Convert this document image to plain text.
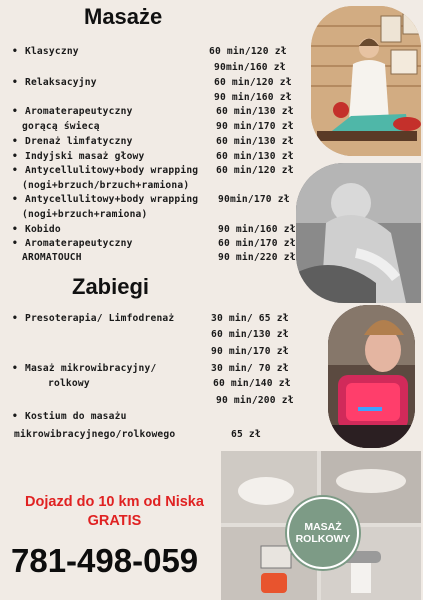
Masaże
Zabiegi
• Klasyczny	60 min/120 zł
90min/160 zł
• Relaksacyjny	60 min/120 zł
90 min/160 zł
• Aromaterapeutyczny	60 min/130 zł
gorącą świecą	90 min/170 zł
• Drenaż limfatyczny	60 min/130 zł
• Indyjski masaż głowy	60 min/130 zł
• Antycellulitowy+body wrapping 60 min/120 zł
(nogi+brzuch/brzuch+ramiona)
• Antycellulitowy+body wrapping 90min/170 zł
(nogi+brzuch+ramiona)
• Kobido	90 min/160 zł
• Aromaterapeutyczny	60 min/170 zł
AROMATOUCH	90 min/220 zł
• Presoterapia/ Limfodrenaż	30 min/ 65 zł
60 min/130 zł
90 min/170 zł
• Masaż mikrowibracyjny/	30 min/ 70 zł
rolkowy	60 min/140 zł
90 min/200 zł
• Kostium do masażu
mikrowibracyjnego/rolkowego	65 zł
MASAŻ
ROLKOWY
Dojazd do 10 km od Niska
GRATIS
781-498-059
